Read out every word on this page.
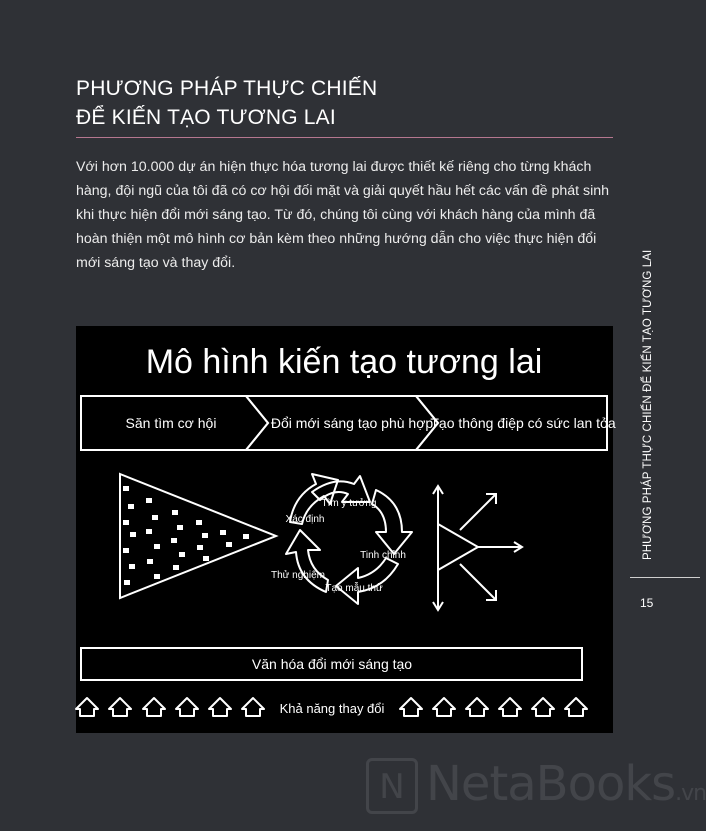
PHƯƠNG PHÁP THỰC CHIẾN
ĐỂ KIẾN TẠO TƯƠNG LAI

Với hơn 10.000 dự án hiện thực hóa tương lai được thiết kế riêng cho từng khách hàng, đội ngũ của tôi đã có cơ hội đối mặt và giải quyết hầu hết các vấn đề phát sinh khi thực hiện đổi mới sáng tạo. Từ đó, chúng tôi cùng với khách hàng của mình đã hoàn thiện một mô hình cơ bản kèm theo những hướng dẫn cho việc thực hiện đổi mới sáng tạo và thay đổi.	PHƯƠNG PHÁP THỰC CHIẾN ĐỂ KIẾN TẠO TƯƠNG LAI
15
Mô hình kiến tạo tương lai
Săn tìm cơ hội	Đổi mới sáng tạo phù hợp
Tạo thông điệp có sức lan tỏa
Tìm ý tưởng
Tinh chỉnh
Tạo mẫu thử
Thử nghiệm
Xác định
Văn hóa đổi mới sáng tạo
Khả năng thay đổi
N
NetaBooks.vn
